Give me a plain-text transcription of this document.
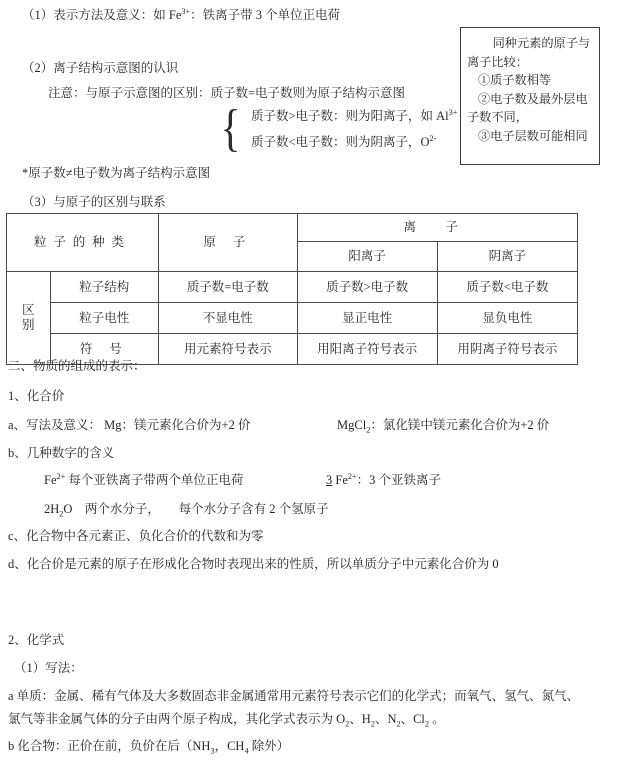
（1）表示方法及意义：如 $Fe^{3+}$：铁离子带 3 个单位正电荷
（2）离子结构示意图的认识
注意：与原子示意图的区别：质子数=电子数则为原子结构示意图
{ 质子数>电子数：则为阳离子，如 $Al^{3+}$
质子数<电子数：则为阴离子，$O^{2-}$
*原子数≠电子数为离子结构示意图
（3）与原子的区别与联系
同种元素的原子与
离子比较：
①质子数相等
②电子数及最外层电
子数不同，
③电子层数可能相同
粒子的种类		原 子	离 子	
			阳离子	阴离子
区
别	粒子结构	质子数=电子数	质子数>电子数	质子数<电子数
	粒子电性	不显电性	显正电性	显负电性
	符 号	用元素符号表示	用阳离子符号表示	用阴离子符号表示
二、物质的组成的表示：
1、化合价
a、写法及意义： Mg：镁元素化合价为+2 价	MgCl$_2$：氯化镁中镁元素化合价为+2 价
b、几种数字的含义
$Fe^{2+}$ 每个亚铁离子带两个单位正电荷	3 $Fe^{2+}$：3 个亚铁离子
$2H_2O$　两个水分子，　　每个水分子含有 2 个氢原子
c、化合物中各元素正、负化合价的代数和为零
d、化合价是元素的原子在形成化合物时表现出来的性质，所以单质分子中元素化合价为 0
2、化学式
（1）写法：
a 单质：金属、稀有气体及大多数固态非金属通常用元素符号表示它们的化学式；而氧气、氢气、氮气、
氯气等非金属气体的分子由两个原子构成，其化学式表示为 $O_2$、$H_2$、$N_2$、$Cl_2$ 。
b 化合物：正价在前，负价在后（$NH_3$，$CH_4$ 除外）
